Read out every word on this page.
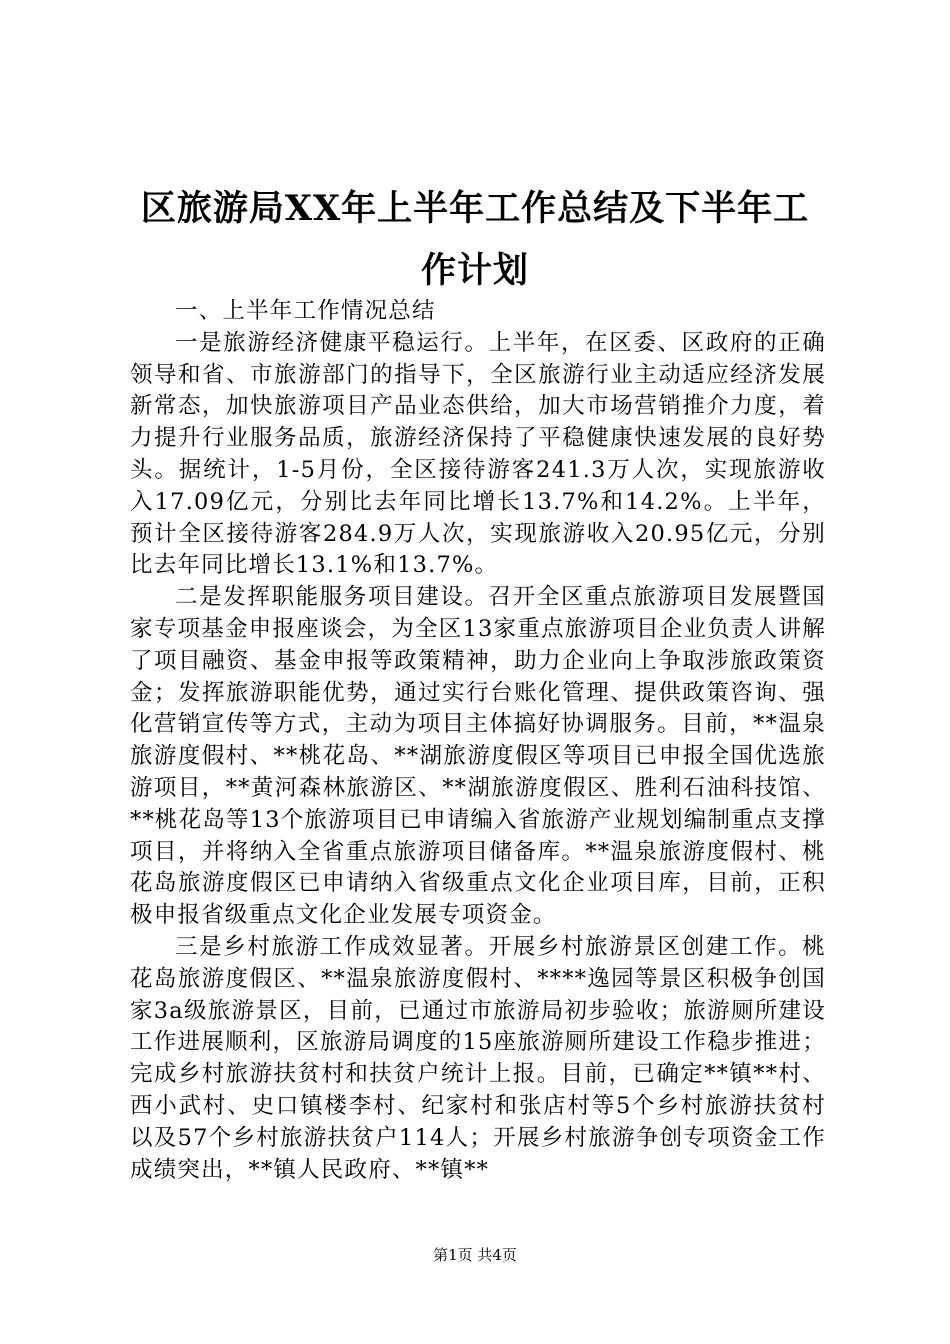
区旅游局XX年上半年工作总结及下半年工作计划

一、上半年工作情况总结

一是旅游经济健康平稳运行。上半年，在区委、区政府的正确领导和省、市旅游部门的指导下，全区旅游行业主动适应经济发展新常态，加快旅游项目产品业态供给，加大市场营销推介力度，着力提升行业服务品质，旅游经济保持了平稳健康快速发展的良好势头。据统计，1-5月份，全区接待游客241.3万人次，实现旅游收入17.09亿元，分别比去年同比增长13.7%和14.2%。上半年，预计全区接待游客284.9万人次，实现旅游收入20.95亿元，分别比去年同比增长13.1%和13.7%。

二是发挥职能服务项目建设。召开全区重点旅游项目发展暨国家专项基金申报座谈会，为全区13家重点旅游项目企业负责人讲解了项目融资、基金申报等政策精神，助力企业向上争取涉旅政策资金；发挥旅游职能优势，通过实行台账化管理、提供政策咨询、强化营销宣传等方式，主动为项目主体搞好协调服务。目前，**温泉旅游度假村、**桃花岛、**湖旅游度假区等项目已申报全国优选旅游项目，**黄河森林旅游区、**湖旅游度假区、胜利石油科技馆、**桃花岛等13个旅游项目已申请编入省旅游产业规划编制重点支撑项目，并将纳入全省重点旅游项目储备库。**温泉旅游度假村、桃花岛旅游度假区已申请纳入省级重点文化企业项目库，目前，正积极申报省级重点文化企业发展专项资金。

三是乡村旅游工作成效显著。开展乡村旅游景区创建工作。桃花岛旅游度假区、**温泉旅游度假村、****逸园等景区积极争创国家3a级旅游景区，目前，已通过市旅游局初步验收；旅游厕所建设工作进展顺利，区旅游局调度的15座旅游厕所建设工作稳步推进；完成乡村旅游扶贫村和扶贫户统计上报。目前，已确定**镇**村、西小武村、史口镇楼李村、纪家村和张店村等5个乡村旅游扶贫村以及57个乡村旅游扶贫户114人；开展乡村旅游争创专项资金工作成绩突出，**镇人民政府、**镇**

第1页 共4页
